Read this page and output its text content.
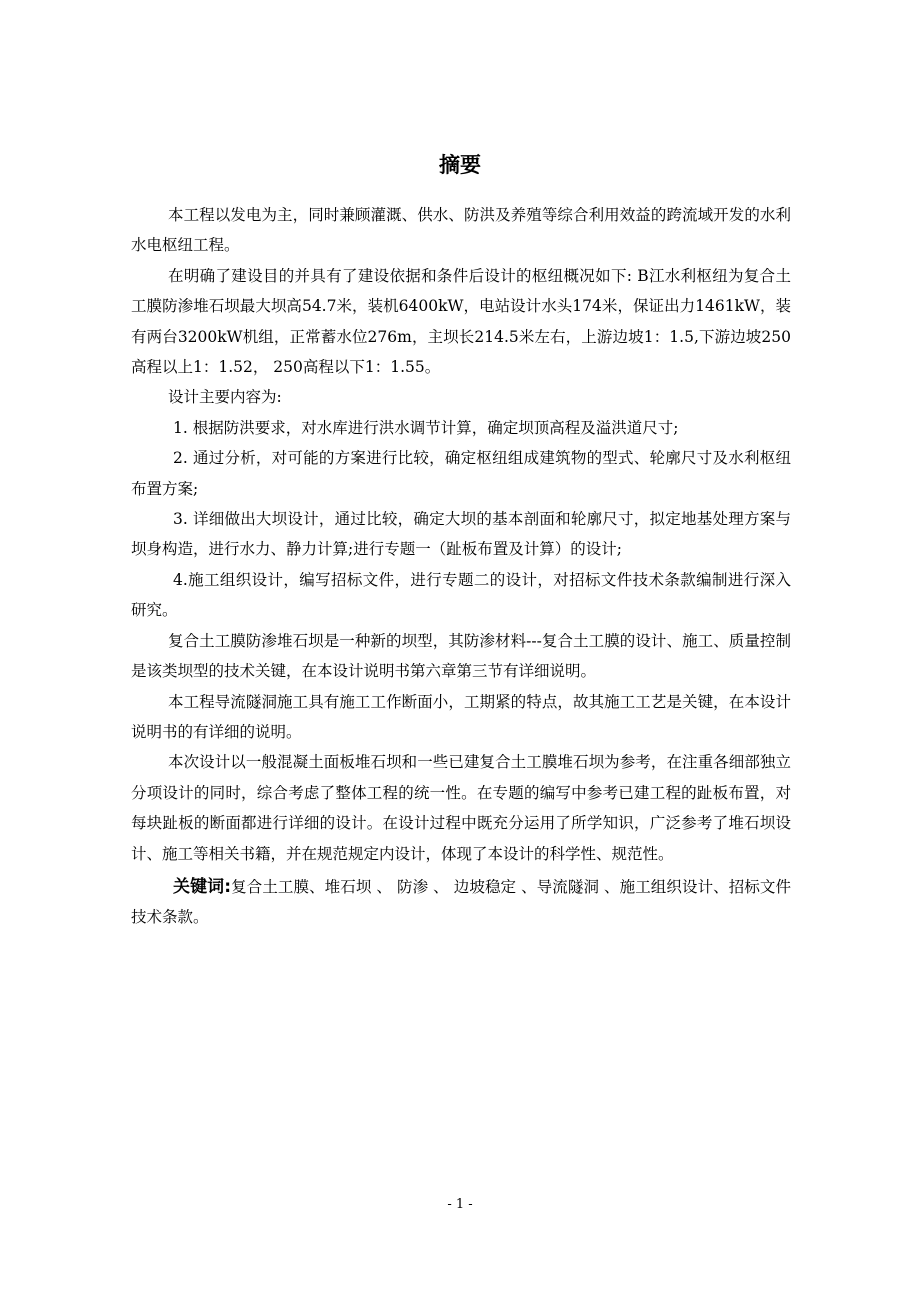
摘要

本工程以发电为主，同时兼顾灌溉、供水、防洪及养殖等综合利用效益的跨流域开发的水利水电枢纽工程。

在明确了建设目的并具有了建设依据和条件后设计的枢纽概况如下: B江水利枢纽为复合土工膜防渗堆石坝最大坝高54.7米，装机6400kW，电站设计水头174米，保证出力1461kW，装有两台3200kW机组，正常蓄水位276m，主坝长214.5米左右，上游边坡1：1.5,下游边坡250高程以上1：1.52， 250高程以下1：1.55。

设计主要内容为:

1. 根据防洪要求，对水库进行洪水调节计算，确定坝顶高程及溢洪道尺寸;

2. 通过分析，对可能的方案进行比较，确定枢纽组成建筑物的型式、轮廓尺寸及水利枢纽布置方案;

3. 详细做出大坝设计，通过比较，确定大坝的基本剖面和轮廓尺寸，拟定地基处理方案与坝身构造，进行水力、静力计算;进行专题一（趾板布置及计算）的设计;

4.施工组织设计，编写招标文件，进行专题二的设计，对招标文件技术条款编制进行深入研究。

复合土工膜防渗堆石坝是一种新的坝型，其防渗材料---复合土工膜的设计、施工、质量控制是该类坝型的技术关键，在本设计说明书第六章第三节有详细说明。

本工程导流隧洞施工具有施工工作断面小，工期紧的特点，故其施工工艺是关键，在本设计说明书的有详细的说明。

本次设计以一般混凝土面板堆石坝和一些已建复合土工膜堆石坝为参考，在注重各细部独立分项设计的同时，综合考虑了整体工程的统一性。在专题的编写中参考已建工程的趾板布置，对每块趾板的断面都进行详细的设计。在设计过程中既充分运用了所学知识，广泛参考了堆石坝设计、施工等相关书籍，并在规范规定内设计，体现了本设计的科学性、规范性。

关键词:复合土工膜、堆石坝 、 防渗 、 边坡稳定 、导流隧洞 、施工组织设计、招标文件技术条款。

- 1 -
